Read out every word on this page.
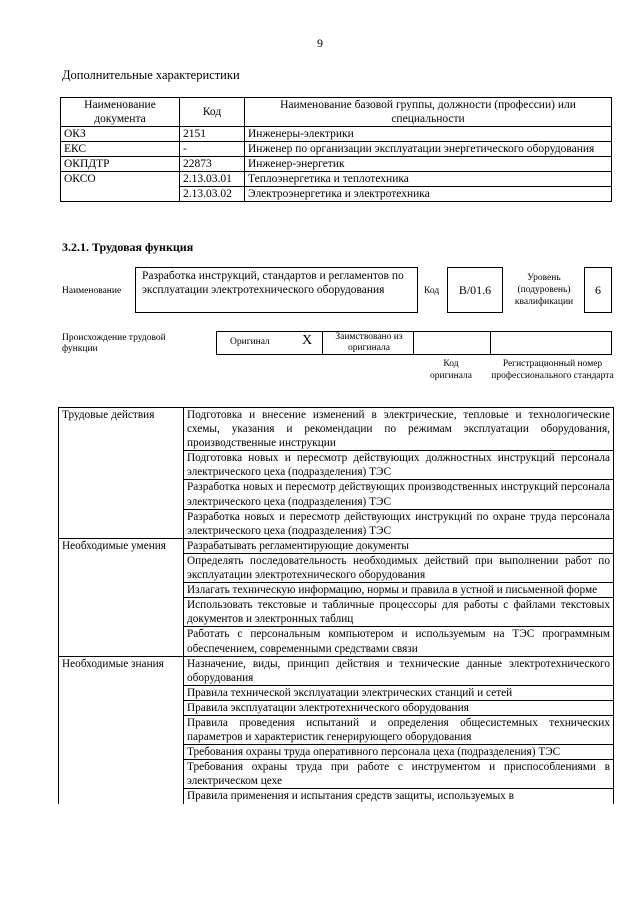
9
Дополнительные характеристики
Наименование документа	Код	Наименование базовой группы, должности (профессии) или специальности
ОКЗ	2151	Инженеры-электрики
ЕКС	-	Инженер по организации эксплуатации энергетического оборудования
ОКПДТР	22873	Инженер-энергетик
ОКСО	2.13.03.01	Теплоэнергетика и теплотехника
	2.13.03.02	Электроэнергетика и электротехника
3.2.1. Трудовая функция
Наименование
Разработка инструкций, стандартов и регламентов по эксплуатации электротехнического оборудования	Код	B/01.6
Уровень (подуровень) квалификации
6
Происхождение трудовой функции
Оригинал X	Заимствовано из оригинала
Код оригинала
Регистрационный номер профессионального стандарта
Трудовые действия	Подготовка и внесение изменений в электрические, тепловые и технологические схемы, указания и рекомендации по режимам эксплуатации оборудования, производственные инструкции
	Подготовка новых и пересмотр действующих должностных инструкций персонала электрического цеха (подразделения) ТЭС
	Разработка новых и пересмотр действующих производственных инструкций персонала электрического цеха (подразделения) ТЭС
	Разработка новых и пересмотр действующих инструкций по охране труда персонала электрического цеха (подразделения) ТЭС
Необходимые умения	Разрабатывать регламентирующие документы
	Определять последовательность необходимых действий при выполнении работ по эксплуатации электротехнического оборудования
	Излагать техническую информацию, нормы и правила в устной и письменной форме
	Использовать текстовые и табличные процессоры для работы с файлами текстовых документов и электронных таблиц
	Работать с персональным компьютером и используемым на ТЭС программным обеспечением, современными средствами связи
Необходимые знания	Назначение, виды, принцип действия и технические данные электротехнического оборудования
	Правила технической эксплуатации электрических станций и сетей
	Правила эксплуатации электротехнического оборудования
	Правила проведения испытаний и определения общесистемных технических параметров и характеристик генерирующего оборудования
	Требования охраны труда оперативного персонала цеха (подразделения) ТЭС
	Требования охраны труда при работе с инструментом и приспособлениями в электрическом цехе
	Правила применения и испытания средств защиты, используемых в
